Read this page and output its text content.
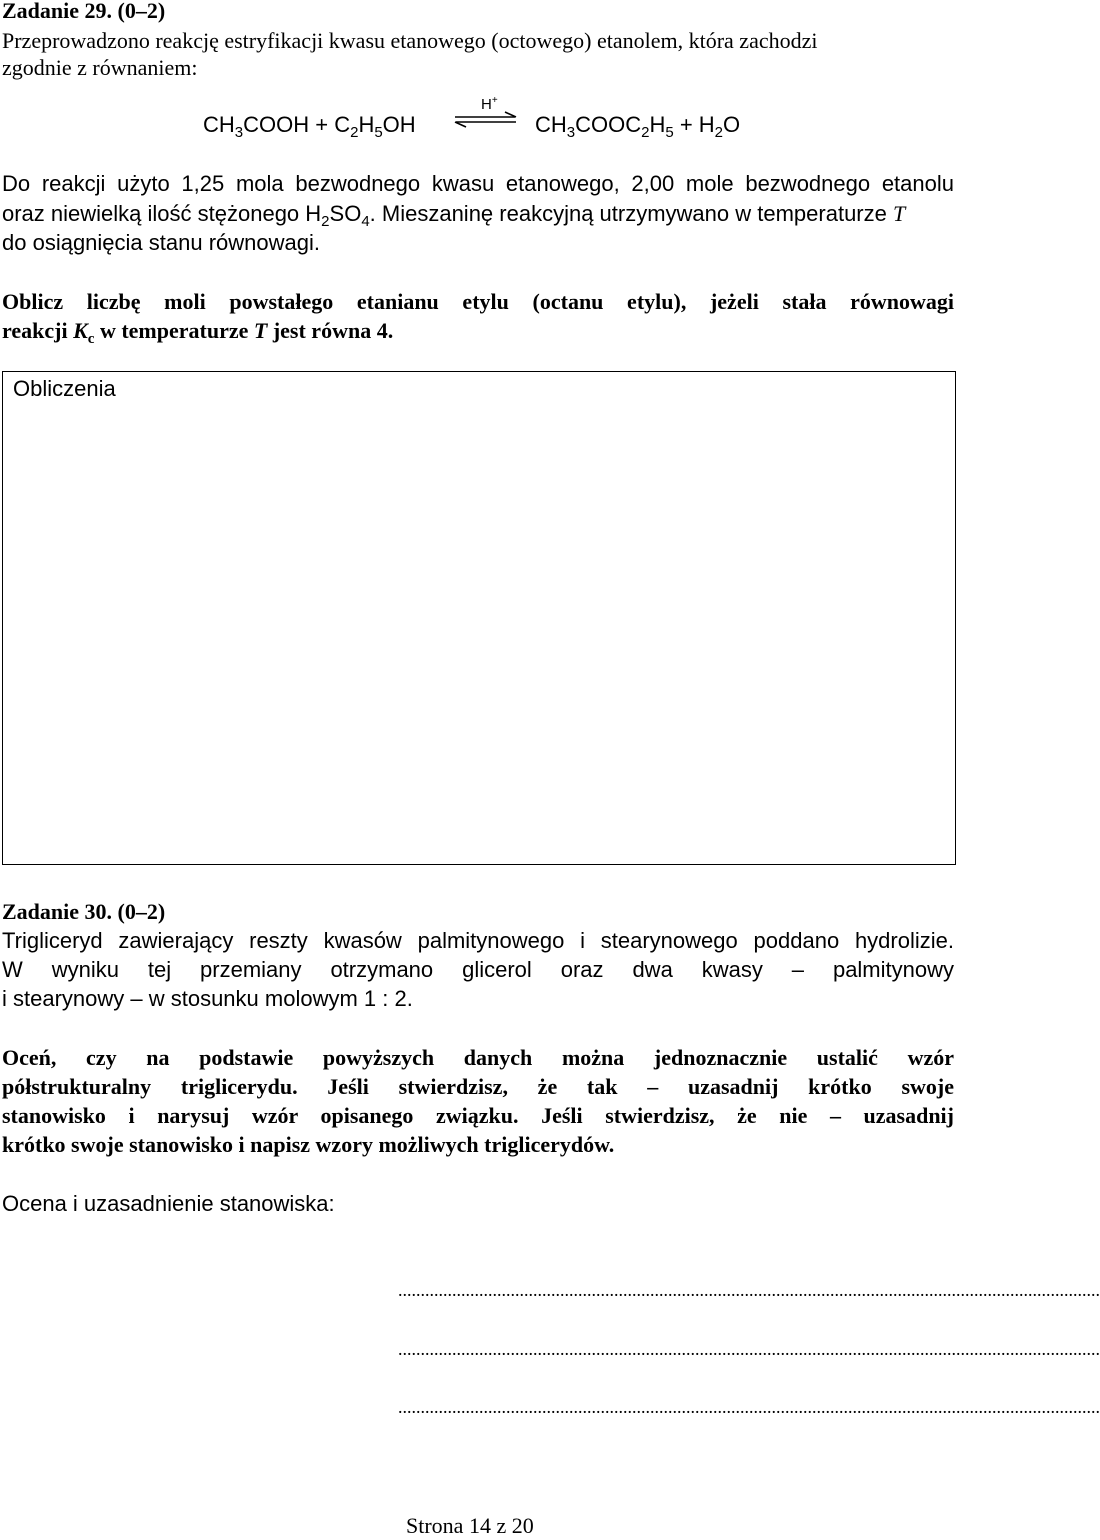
Zadanie 29. (0–2)
Przeprowadzono reakcję estryfikacji kwasu etanowego (octowego) etanolem, która zachodzi
zgodnie z równaniem:
$CH_3COOH + C_2H_5OH$
H+
$CH_3COOC_2H_5 + H_2O$
Do reakcji użyto 1,25 mola bezwodnego kwasu etanowego, 2,00 mole bezwodnego etanolu
oraz niewielką ilość stężonego $H_2SO_4$. Mieszaninę reakcyjną utrzymywano w temperaturze T
do osiągnięcia stanu równowagi.
Oblicz liczbę moli powstałego etanianu etylu (octanu etylu), jeżeli stała równowagi
reakcji $K_c$ w temperaturze T jest równa 4.
Obliczenia
Zadanie 30. (0–2)
Trigliceryd zawierający reszty kwasów palmitynowego i stearynowego poddano hydrolizie.
W wyniku tej przemiany otrzymano glicerol oraz dwa kwasy – palmitynowy
i stearynowy – w stosunku molowym 1 : 2.
Oceń, czy na podstawie powyższych danych można jednoznacznie ustalić wzór
półstrukturalny triglicerydu. Jeśli stwierdzisz, że tak – uzasadnij krótko swoje
stanowisko i narysuj wzór opisanego związku. Jeśli stwierdzisz, że nie – uzasadnij
krótko swoje stanowisko i napisz wzory możliwych triglicerydów.
Ocena i uzasadnienie stanowiska:
............................................................................................................................................................
............................................................................................................................................................
............................................................................................................................................................
Strona 14 z 20
